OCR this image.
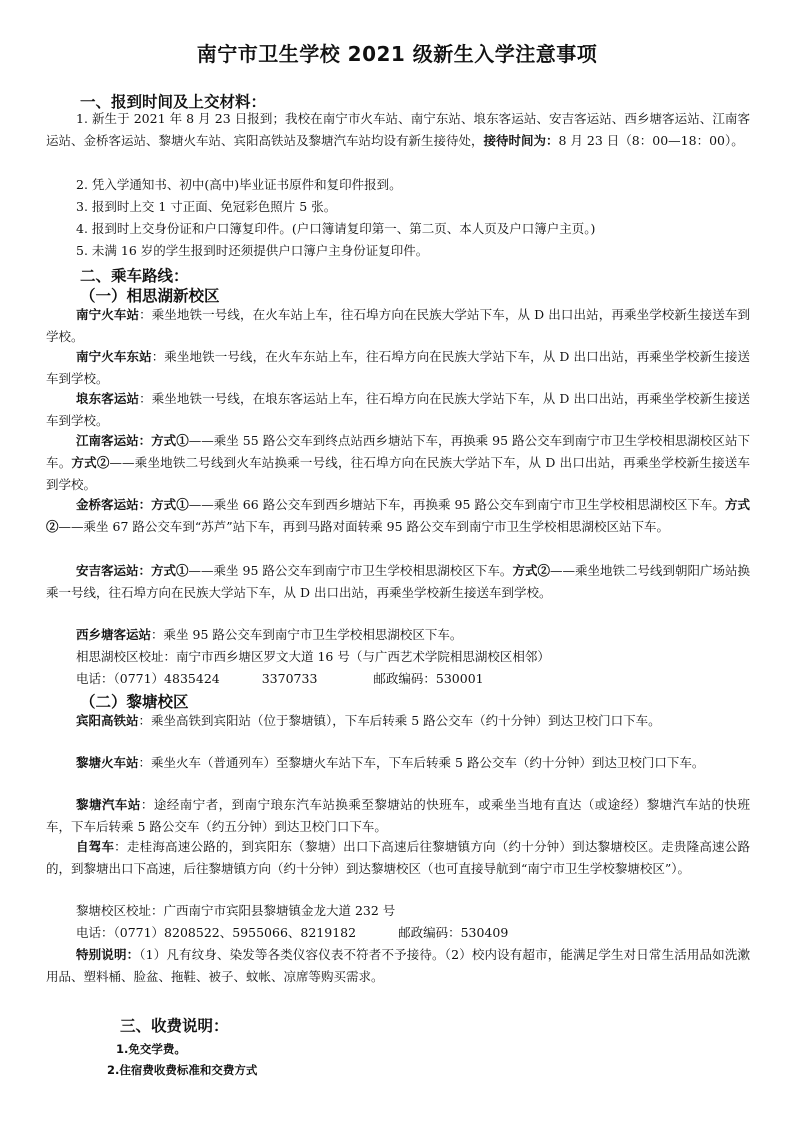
南宁市卫生学校 2021 级新生入学注意事项
一、报到时间及上交材料：
1. 新生于 2021 年 8 月 23 日报到；我校在南宁市火车站、南宁东站、埌东客运站、安吉客运站、西乡塘客运站、江南客运站、金桥客运站、黎塘火车站、宾阳高铁站及黎塘汽车站均设有新生接待处，接待时间为：8 月 23 日（8：00—18：00）。
2. 凭入学通知书、初中(高中)毕业证书原件和复印件报到。
3. 报到时上交 1 寸正面、免冠彩色照片 5 张。
4. 报到时上交身份证和户口簿复印件。(户口簿请复印第一、第二页、本人页及户口簿户主页。)
5. 未满 16 岁的学生报到时还须提供户口簿户主身份证复印件。
二、乘车路线：
（一）相思湖新校区
南宁火车站：乘坐地铁一号线，在火车站上车，往石埠方向在民族大学站下车，从 D 出口出站，再乘坐学校新生接送车到学校。
南宁火车东站：乘坐地铁一号线，在火车东站上车，往石埠方向在民族大学站下车，从 D 出口出站，再乘坐学校新生接送车到学校。
埌东客运站：乘坐地铁一号线，在埌东客运站上车，往石埠方向在民族大学站下车，从 D 出口出站，再乘坐学校新生接送车到学校。
江南客运站：方式①——乘坐 55 路公交车到终点站西乡塘站下车，再换乘 95 路公交车到南宁市卫生学校相思湖校区站下车。方式②——乘坐地铁二号线到火车站换乘一号线，往石埠方向在民族大学站下车，从 D 出口出站，再乘坐学校新生接送车到学校。
金桥客运站：方式①——乘坐 66 路公交车到西乡塘站下车，再换乘 95 路公交车到南宁市卫生学校相思湖校区下车。方式②——乘坐 67 路公交车到“苏芦”站下车，再到马路对面转乘 95 路公交车到南宁市卫生学校相思湖校区站下车。
安吉客运站：方式①——乘坐 95 路公交车到南宁市卫生学校相思湖校区下车。方式②——乘坐地铁二号线到朝阳广场站换乘一号线，往石埠方向在民族大学站下车，从 D 出口出站，再乘坐学校新生接送车到学校。
西乡塘客运站：乘坐 95 路公交车到南宁市卫生学校相思湖校区下车。
相思湖校区校址：南宁市西乡塘区罗文大道 16 号（与广西艺术学院相思湖校区相邻）
电话：（0771）4835424	3370733	邮政编码：530001
（二）黎塘校区
宾阳高铁站：乘坐高铁到宾阳站（位于黎塘镇），下车后转乘 5 路公交车（约十分钟）到达卫校门口下车。
黎塘火车站：乘坐火车（普通列车）至黎塘火车站下车，下车后转乘 5 路公交车（约十分钟）到达卫校门口下车。
黎塘汽车站：途经南宁者，到南宁琅东汽车站换乘至黎塘站的快班车，或乘坐当地有直达（或途经）黎塘汽车站的快班车，下车后转乘 5 路公交车（约五分钟）到达卫校门口下车。
自驾车：走桂海高速公路的，到宾阳东（黎塘）出口下高速后往黎塘镇方向（约十分钟）到达黎塘校区。走贵隆高速公路的，到黎塘出口下高速，后往黎塘镇方向（约十分钟）到达黎塘校区（也可直接导航到“南宁市卫生学校黎塘校区”）。
黎塘校区校址：广西南宁市宾阳县黎塘镇金龙大道 232 号
电话：（0771）8208522、5955066、8219182	邮政编码：530409
特别说明：（1）凡有纹身、染发等各类仪容仪表不符者不予接待。（2）校内设有超市，能满足学生对日常生活用品如洗漱用品、塑料桶、脸盆、拖鞋、被子、蚊帐、凉席等购买需求。
三、收费说明：
1.免交学费。
2.住宿费收费标准和交费方式
